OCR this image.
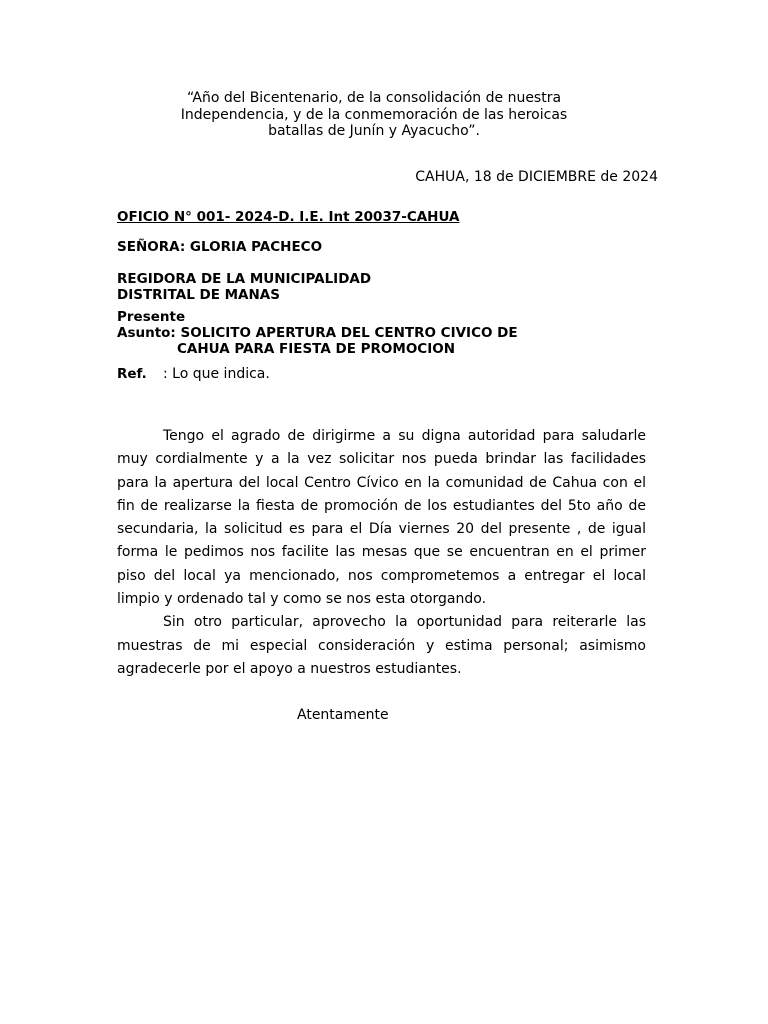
“Año del Bicentenario, de la consolidación de nuestra
Independencia, y de la conmemoración de las heroicas
batallas de Junín y Ayacucho”.
CAHUA, 18 de DICIEMBRE de 2024
OFICIO N° 001- 2024-D. I.E. Int 20037-CAHUA
SEÑORA: GLORIA PACHECO
REGIDORA DE LA MUNICIPALIDAD
DISTRITAL DE MANAS
Presente
Asunto: SOLICITO APERTURA DEL CENTRO CIVICO DE
CAHUA PARA FIESTA DE PROMOCION
Ref. : Lo que indica.

Tengo el agrado de dirigirme a su digna autoridad para saludarle muy cordialmente y a la vez solicitar nos pueda brindar las facilidades para la apertura del local Centro Cívico en la comunidad de Cahua con el fin de realizarse la fiesta de promoción de los estudiantes del 5to año de secundaria, la solicitud es para el Día viernes 20 del presente , de igual forma le pedimos nos facilite las mesas que se encuentran en el primer piso del local ya mencionado, nos comprometemos a entregar el local limpio y ordenado tal y como se nos esta otorgando.

Sin otro particular, aprovecho la oportunidad para reiterarle las muestras de mi especial consideración y estima personal; asimismo agradecerle por el apoyo a nuestros estudiantes.

Atentamente
